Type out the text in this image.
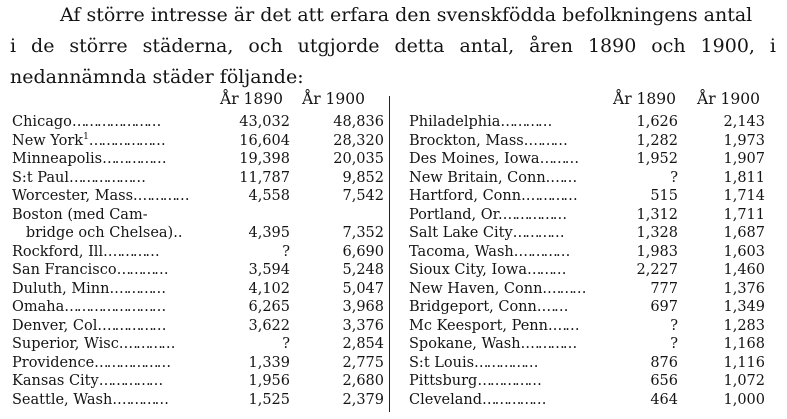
Af större intresse är det att erfara den svenskfödda befolkningens antal
i de större städerna, och utgjorde detta antal, åren 1890 och 1900, i
nedannämnda städer följande:

År 1890 År 1900	År 1890 År 1900
Chicago…………………	43,032	48,836
New York$^1$………………	16,604	28,320
Minneapolis……………	19,398	20,035
S:t Paul………………	11,787	9,852
Worcester, Mass.…………	4,558	7,542
Boston (med Cam-
bridge och Chelsea)..	4,395	7,352
Rockford, Ill.…………	?	6,690
San Francisco…………	3,594	5,248
Duluth, Minn.…………	4,102	5,047
Omaha……………………	6,265	3,968
Denver, Col.……………	3,622	3,376
Superior, Wisc.…………	?	2,854
Providence………………	1,339	2,775
Kansas City……………	1,956	2,680
Seattle, Wash.…………	1,525	2,379
Philadelphia…………	1,626	2,143
Brockton, Mass.………	1,282	1,973
Des Moines, Iowa………	1,952	1,907
New Britain, Conn.……	?	1,811
Hartford, Conn.…………	515	1,714
Portland, Or.……………	1,312	1,711
Salt Lake City…………	1,328	1,687
Tacoma, Wash.…………	1,983	1,603
Sioux City, Iowa………	2,227	1,460
New Haven, Conn.………	777	1,376
Bridgeport, Conn.……	697	1,349
Mc Keesport, Penn.……	?	1,283
Spokane, Wash.…………	?	1,168
S:t Louis……………	876	1,116
Pittsburg……………	656	1,072
Cleveland……………	464	1,000
